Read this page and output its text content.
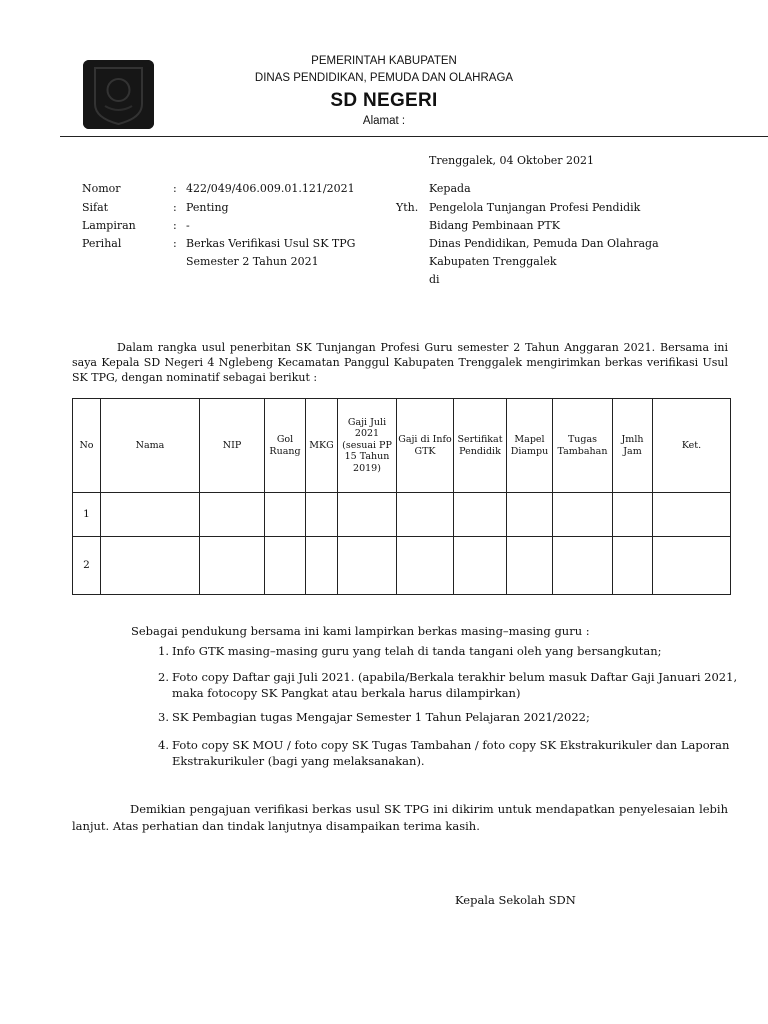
PEMERINTAH KABUPATEN
DINAS PENDIDIKAN, PEMUDA DAN OLAHRAGA
SD NEGERI
Alamat :
Trenggalek, 04 Oktober 2021
Nomor	: 422/049/406.009.01.121/2021
Sifat	: Penting
Lampiran	: -
Perihal	: Berkas Verifikasi Usul SK TPG
Semester 2 Tahun 2021
Kepada
Yth. Pengelola Tunjangan Profesi Pendidik
Bidang Pembinaan PTK
Dinas Pendidikan, Pemuda Dan Olahraga
Kabupaten Trenggalek
di
Dalam rangka usul penerbitan SK Tunjangan Profesi Guru semester 2 Tahun Anggaran 2021. Bersama ini saya Kepala SD Negeri 4 Nglebeng Kecamatan Panggul Kabupaten Trenggalek mengirimkan berkas verifikasi Usul SK TPG, dengan nominatif sebagai berikut :
No	Nama	NIP	Gol Ruang	MKG	Gaji Juli 2021 (sesuai PP 15 Tahun 2019)	Gaji di Info GTK	Sertifikat Pendidik	Mapel Diampu	Tugas Tambahan	Jmlh Jam	Ket.
1											
2											
Sebagai pendukung bersama ini kami lampirkan berkas masing–masing guru :
1. Info GTK masing–masing guru yang telah di tanda tangani oleh yang bersangkutan;
2. Foto copy Daftar gaji Juli 2021. (apabila/Berkala terakhir belum masuk Daftar Gaji Januari 2021,
maka fotocopy SK Pangkat atau berkala harus dilampirkan)
3. SK Pembagian tugas Mengajar Semester 1 Tahun Pelajaran 2021/2022;
4. Foto copy SK MOU / foto copy SK Tugas Tambahan / foto copy SK Ekstrakurikuler dan Laporan
Ekstrakurikuler (bagi yang melaksanakan).
Demikian pengajuan verifikasi berkas usul SK TPG ini dikirim untuk mendapatkan penyelesaian lebih lanjut. Atas perhatian dan tindak lanjutnya disampaikan terima kasih.
Kepala Sekolah SDN
